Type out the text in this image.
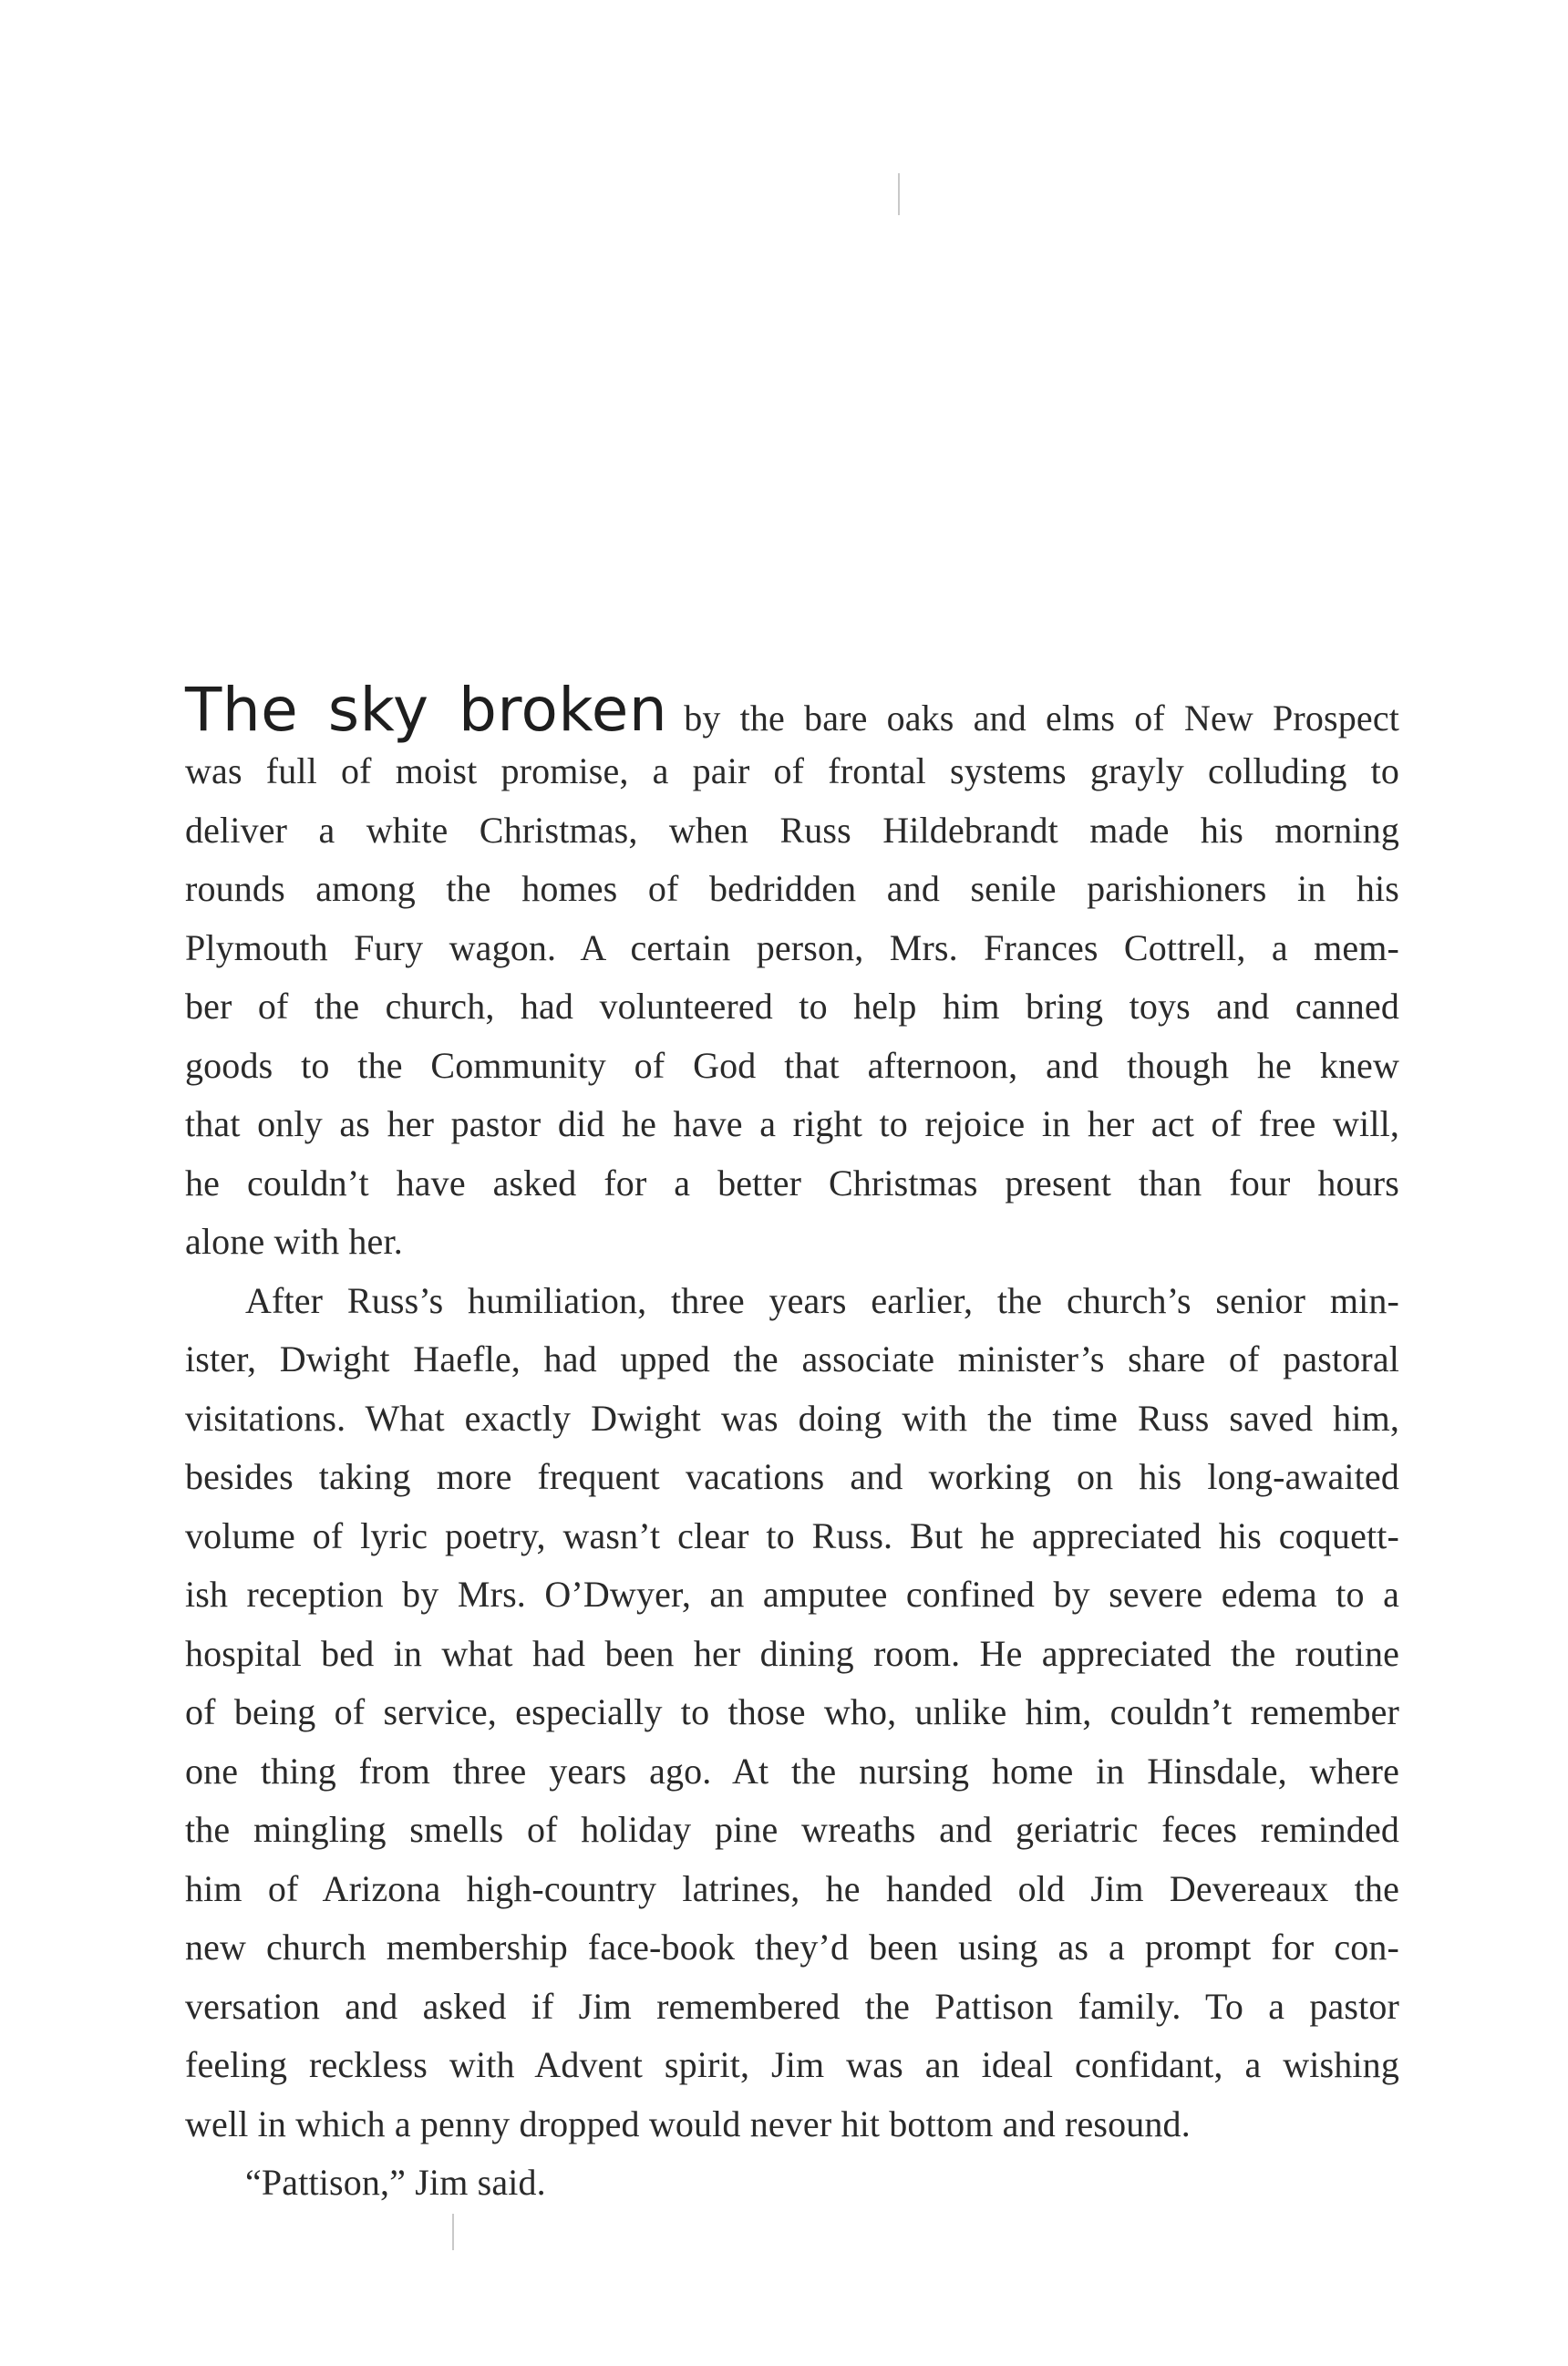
The sky broken by the bare oaks and elms of New Prospect
was full of moist promise, a pair of frontal systems grayly colluding to
deliver a white Christmas, when Russ Hildebrandt made his morning
rounds among the homes of bedridden and senile parishioners in his
Plymouth Fury wagon. A certain person, Mrs. Frances Cottrell, a mem-
ber of the church, had volunteered to help him bring toys and canned
goods to the Community of God that afternoon, and though he knew
that only as her pastor did he have a right to rejoice in her act of free will,
he couldn’t have asked for a better Christmas present than four hours
alone with her.
After Russ’s humiliation, three years earlier, the church’s senior min-
ister, Dwight Haefle, had upped the associate minister’s share of pastoral
visitations. What exactly Dwight was doing with the time Russ saved him,
besides taking more frequent vacations and working on his long-awaited
volume of lyric poetry, wasn’t clear to Russ. But he appreciated his coquett-
ish reception by Mrs. O’Dwyer, an amputee confined by severe edema to a
hospital bed in what had been her dining room. He appreciated the routine
of being of service, especially to those who, unlike him, couldn’t remember
one thing from three years ago. At the nursing home in Hinsdale, where
the mingling smells of holiday pine wreaths and geriatric feces reminded
him of Arizona high-country latrines, he handed old Jim Devereaux the
new church membership face-book they’d been using as a prompt for con-
versation and asked if Jim remembered the Pattison family. To a pastor
feeling reckless with Advent spirit, Jim was an ideal confidant, a wishing
well in which a penny dropped would never hit bottom and resound.
“Pattison,” Jim said.
